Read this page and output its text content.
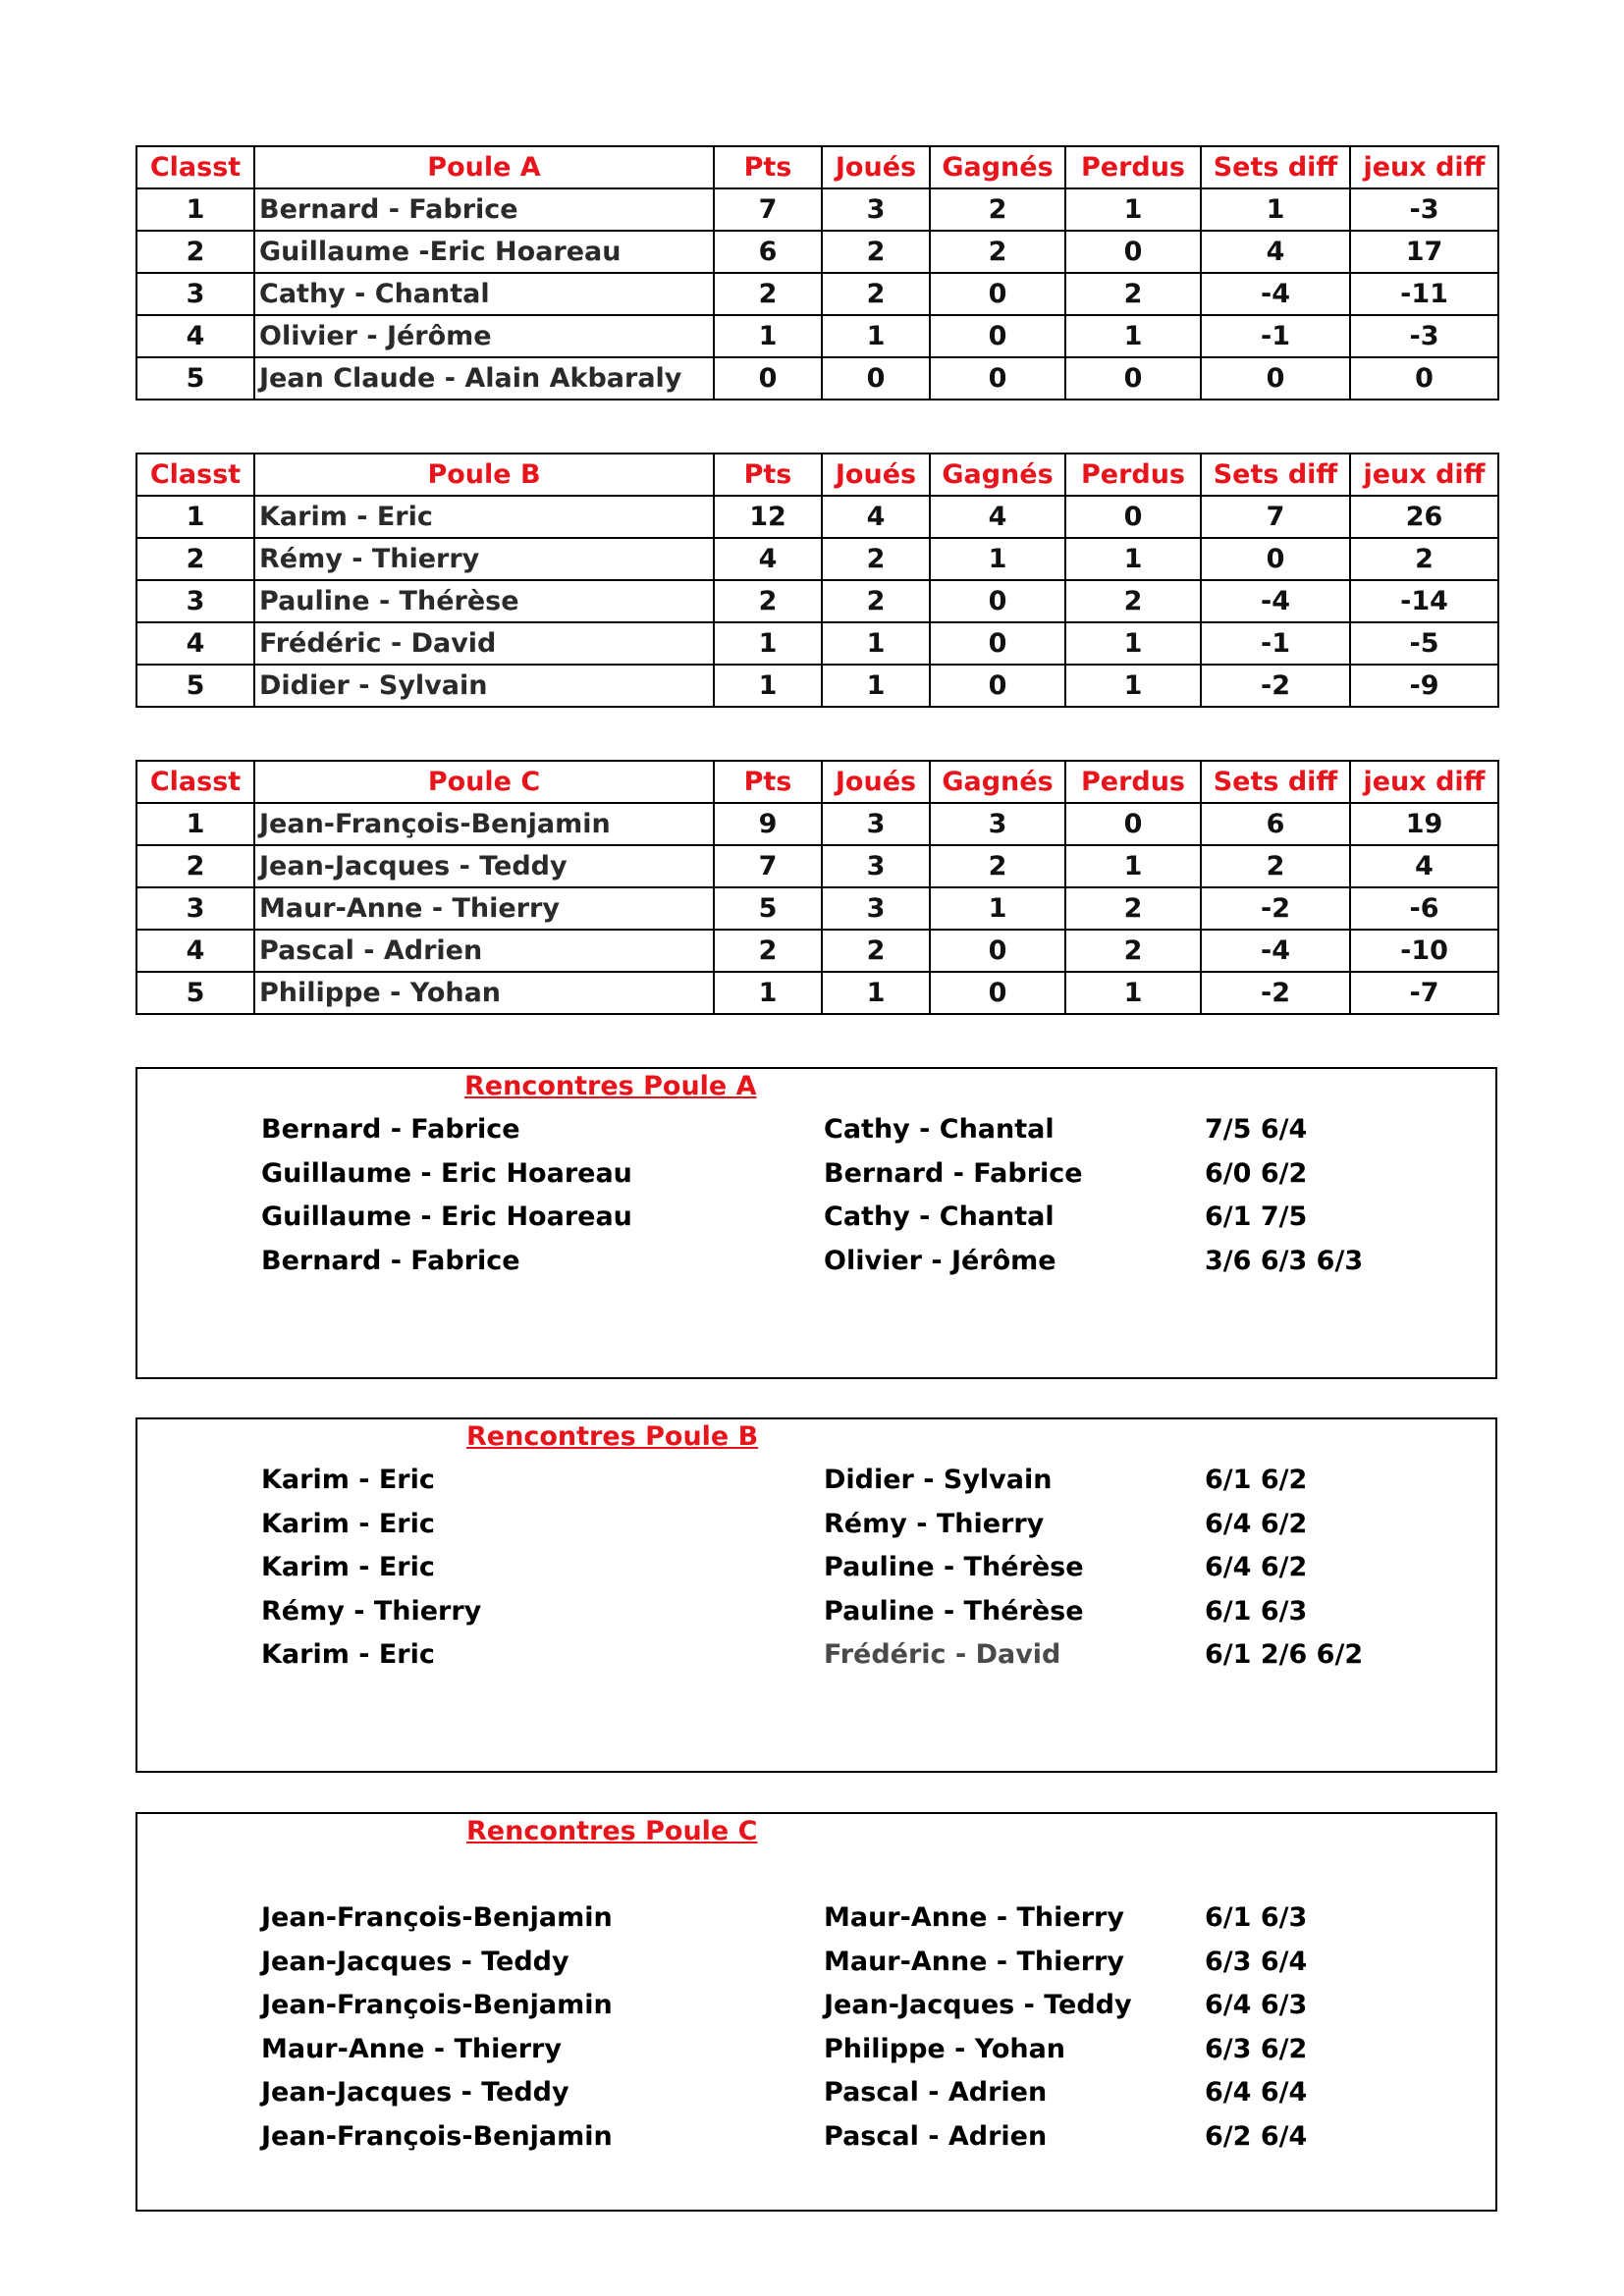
Classt	Poule A	Pts	Joués	Gagnés	Perdus	Sets diff	jeux diff
1	Bernard - Fabrice	7	3	2	1	1	-3
2	Guillaume -Eric Hoareau	6	2	2	0	4	17
3	Cathy - Chantal	2	2	0	2	-4	-11
4	Olivier - Jérôme	1	1	0	1	-1	-3
5	Jean Claude - Alain Akbaraly	0	0	0	0	0	0
Classt	Poule B	Pts	Joués	Gagnés	Perdus	Sets diff	jeux diff
1	Karim - Eric	12	4	4	0	7	26
2	Rémy - Thierry	4	2	1	1	0	2
3	Pauline - Thérèse	2	2	0	2	-4	-14
4	Frédéric - David	1	1	0	1	-1	-5
5	Didier - Sylvain	1	1	0	1	-2	-9
Classt	Poule C	Pts	Joués	Gagnés	Perdus	Sets diff	jeux diff
1	Jean-François-Benjamin	9	3	3	0	6	19
2	Jean-Jacques - Teddy	7	3	2	1	2	4
3	Maur-Anne - Thierry	5	3	1	2	-2	-6
4	Pascal - Adrien	2	2	0	2	-4	-10
5	Philippe - Yohan	1	1	0	1	-2	-7
Rencontres Poule A
Bernard - Fabrice	Cathy - Chantal	7/5 6/4
Guillaume - Eric Hoareau	Bernard - Fabrice	6/0 6/2
Guillaume - Eric Hoareau	Cathy - Chantal	6/1 7/5
Bernard - Fabrice	Olivier - Jérôme	3/6 6/3 6/3
Rencontres Poule B
Karim - Eric	Didier - Sylvain	6/1 6/2
Karim - Eric	Rémy - Thierry	6/4 6/2
Karim - Eric	Pauline - Thérèse	6/4 6/2
Rémy - Thierry	Pauline - Thérèse	6/1 6/3
Karim - Eric	Frédéric - David	6/1 2/6 6/2
Rencontres Poule C
Jean-François-Benjamin	Maur-Anne - Thierry	6/1 6/3
Jean-Jacques - Teddy	Maur-Anne - Thierry	6/3 6/4
Jean-François-Benjamin	Jean-Jacques - Teddy	6/4 6/3
Maur-Anne - Thierry	Philippe - Yohan	6/3 6/2
Jean-Jacques - Teddy	Pascal - Adrien	6/4 6/4
Jean-François-Benjamin	Pascal - Adrien	6/2 6/4
